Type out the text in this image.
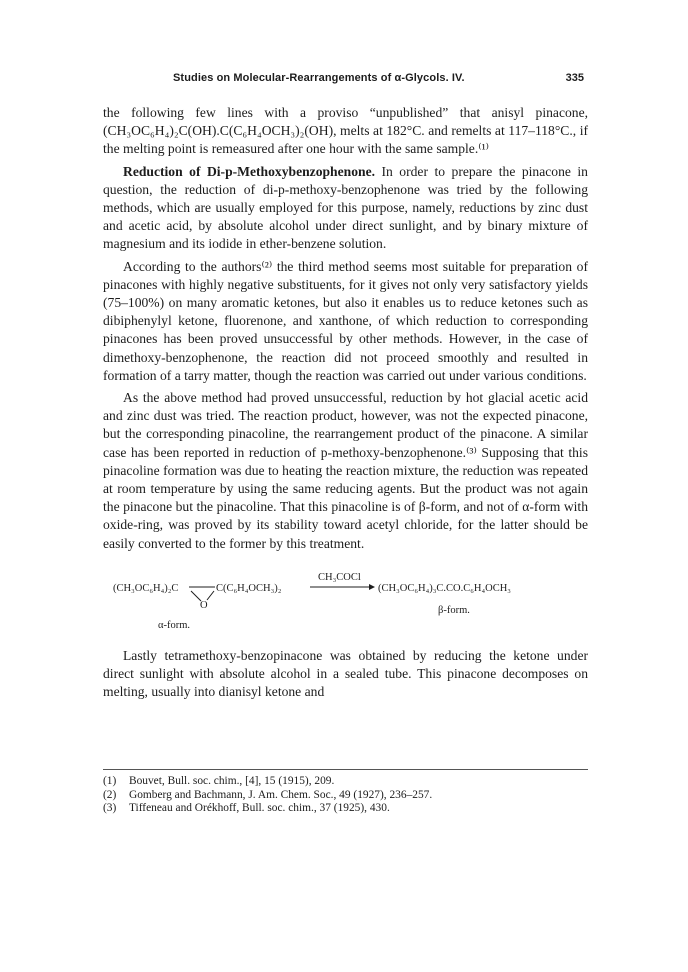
Studies on Molecular-Rearrangements of α-Glycols. IV.	335

the following few lines with a proviso “unpublished” that anisyl pinacone, (CH₃OC₆H₄)₂C(OH).C(C₆H₄OCH₃)₂(OH), melts at 182°C. and remelts at 117–118°C., if the melting point is remeasured after one hour with the same sample.⁽¹⁾

Reduction of Di-p-Methoxybenzophenone. In order to prepare the pinacone in question, the reduction of di-p-methoxy-benzophenone was tried by the following methods, which are usually employed for this purpose, namely, reductions by zinc dust and acetic acid, by absolute alcohol under direct sunlight, and by binary mixture of magnesium and its iodide in ether-benzene solution.

According to the authors⁽²⁾ the third method seems most suitable for preparation of pinacones with highly negative substituents, for it gives not only very satisfactory yields (75–100%) on many aromatic ketones, but also it enables us to reduce ketones such as dibiphenylyl ketone, fluorenone, and xanthone, of which reduction to corresponding pinacones has been proved unsuccessful by other methods. However, in the case of dimethoxy-benzophenone, the reaction did not proceed smoothly and resulted in formation of a tarry matter, though the reaction was carried out under various conditions.

As the above method had proved unsuccessful, reduction by hot glacial acetic acid and zinc dust was tried. The reaction product, however, was not the expected pinacone, but the corresponding pinacoline, the rearrangement product of the pinacone. A similar case has been reported in reduction of p-methoxy-benzophenone.⁽³⁾ Supposing that this pinacoline formation was due to heating the reaction mixture, the reduction was repeated at room temperature by using the same reducing agents. But the product was not again the pinacone but the pinacoline. That this pinacoline is of β-form, and not of α-form with oxide-ring, was proved by its stability toward acetyl chloride, for the latter should be easily converted to the former by this treatment.

(CH₃OC₆H₄)₂C	C(C₆H₄OCH₃)₂
O
α-form.
CH₃COCl
(CH₃OC₆H₄)₃C.CO.C₆H₄OCH₃
β-form.

Lastly tetramethoxy-benzopinacone was obtained by reducing the ketone under direct sunlight with absolute alcohol in a sealed tube. This pinacone decomposes on melting, usually into dianisyl ketone and

(1)	Bouvet, Bull. soc. chim., [4], 15 (1915), 209.
(2)	Gomberg and Bachmann, J. Am. Chem. Soc., 49 (1927), 236–257.
(3)	Tiffeneau and Orékhoff, Bull. soc. chim., 37 (1925), 430.
